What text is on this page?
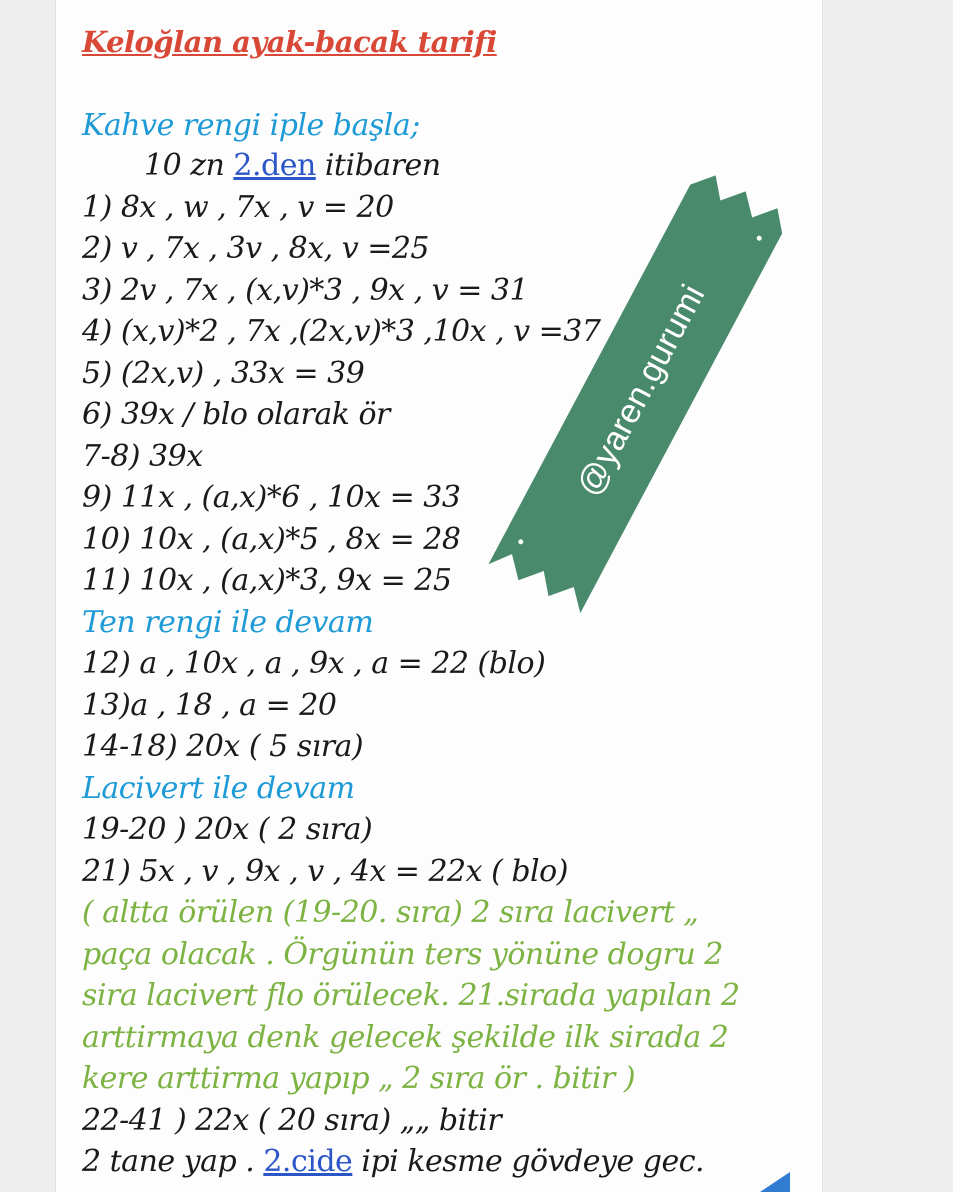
Keloğlan ayak-bacak tarifi
Kahve rengi iple başla;
10 zn 2.den itibaren
1) 8x , w , 7x , v = 20
2) v , 7x , 3v , 8x, v =25
3) 2v , 7x , (x,v)*3 , 9x , v = 31
4) (x,v)*2 , 7x ,(2x,v)*3 ,10x , v =37
5) (2x,v) , 33x = 39
6) 39x / blo olarak ör
7-8) 39x
9) 11x , (a,x)*6 , 10x = 33
10) 10x , (a,x)*5 , 8x = 28
11) 10x , (a,x)*3, 9x = 25
Ten rengi ile devam
12) a , 10x , a , 9x , a = 22 (blo)
13)a , 18 , a = 20
14-18) 20x ( 5 sıra)
Lacivert ile devam
19-20 ) 20x ( 2 sıra)
21) 5x , v , 9x , v , 4x = 22x ( blo)
( altta örülen (19-20. sıra) 2 sıra lacivert „
paça olacak . Örgünün ters yönüne dogru 2
sira lacivert flo örülecek. 21.sirada yapılan 2
arttirmaya denk gelecek şekilde ilk sirada 2
kere arttirma yapıp „ 2 sıra ör . bitir )
22-41 ) 22x ( 20 sıra) „„ bitir
2 tane yap . 2.cide ipi kesme gövdeye gec.
@yaren.gurumi
